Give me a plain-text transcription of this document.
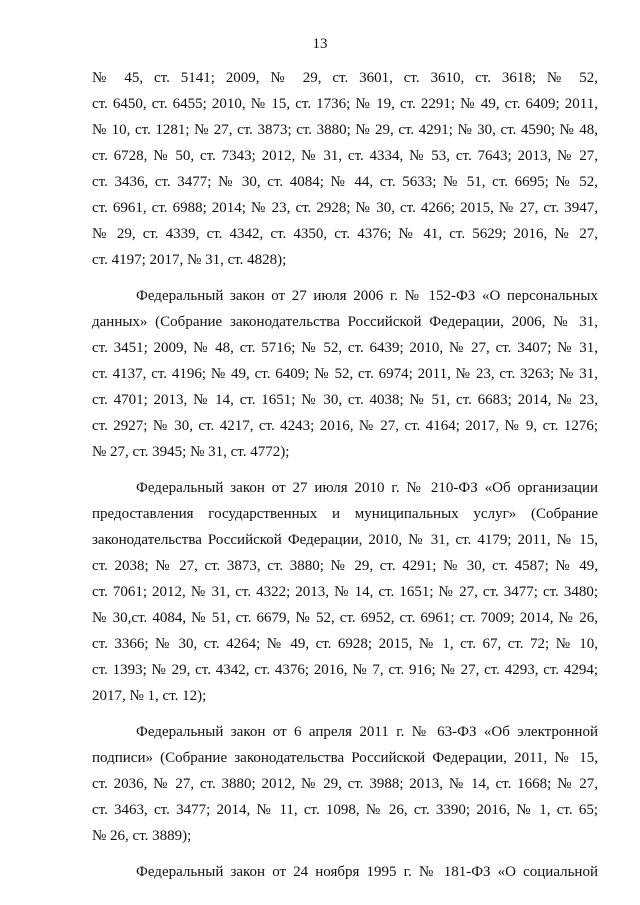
13
№ 45, ст. 5141; 2009, № 29, ст. 3601, ст. 3610, ст. 3618; № 52,
ст. 6450, ст. 6455; 2010, № 15, ст. 1736; № 19, ст. 2291; № 49, ст. 6409; 2011,
№ 10, ст. 1281; № 27, ст. 3873; ст. 3880; № 29, ст. 4291; № 30, ст. 4590; № 48,
ст. 6728, № 50, ст. 7343; 2012, № 31, ст. 4334, № 53, ст. 7643; 2013, № 27,
ст. 3436, ст. 3477; № 30, ст. 4084; № 44, ст. 5633; № 51, ст. 6695; № 52,
ст. 6961, ст. 6988; 2014; № 23, ст. 2928; № 30, ст. 4266; 2015, № 27, ст. 3947,
№ 29, ст. 4339, ст. 4342, ст. 4350, ст. 4376; № 41, ст. 5629; 2016, № 27,
ст. 4197; 2017, № 31, ст. 4828);
Федеральный закон от 27 июля 2006 г. № 152-ФЗ «О персональных
данных» (Собрание законодательства Российской Федерации, 2006, № 31,
ст. 3451; 2009, № 48, ст. 5716; № 52, ст. 6439; 2010, № 27, ст. 3407; № 31,
ст. 4137, ст. 4196; № 49, ст. 6409; № 52, ст. 6974; 2011, № 23, ст. 3263; № 31,
ст. 4701; 2013, № 14, ст. 1651; № 30, ст. 4038; № 51, ст. 6683; 2014, № 23,
ст. 2927; № 30, ст. 4217, ст. 4243; 2016, № 27, ст. 4164; 2017, № 9, ст. 1276;
№ 27, ст. 3945; № 31, ст. 4772);
Федеральный закон от 27 июля 2010 г. № 210-ФЗ «Об организации
предоставления государственных и муниципальных услуг» (Собрание
законодательства Российской Федерации, 2010, № 31, ст. 4179; 2011, № 15,
ст. 2038; № 27, ст. 3873, ст. 3880; № 29, ст. 4291; № 30, ст. 4587; № 49,
ст. 7061; 2012, № 31, ст. 4322; 2013, № 14, ст. 1651; № 27, ст. 3477; ст. 3480;
№ 30,ст. 4084, № 51, ст. 6679, № 52, ст. 6952, ст. 6961; ст. 7009; 2014, № 26,
ст. 3366; № 30, ст. 4264; № 49, ст. 6928; 2015, № 1, ст. 67, ст. 72; № 10,
ст. 1393; № 29, ст. 4342, ст. 4376; 2016, № 7, ст. 916; № 27, ст. 4293, ст. 4294;
2017, № 1, ст. 12);
Федеральный закон от 6 апреля 2011 г. № 63-ФЗ «Об электронной
подписи» (Собрание законодательства Российской Федерации, 2011, № 15,
ст. 2036, № 27, ст. 3880; 2012, № 29, ст. 3988; 2013, № 14, ст. 1668; № 27,
ст. 3463, ст. 3477; 2014, № 11, ст. 1098, № 26, ст. 3390; 2016, № 1, ст. 65;
№ 26, ст. 3889);
Федеральный закон от 24 ноября 1995 г. № 181-ФЗ «О социальной
